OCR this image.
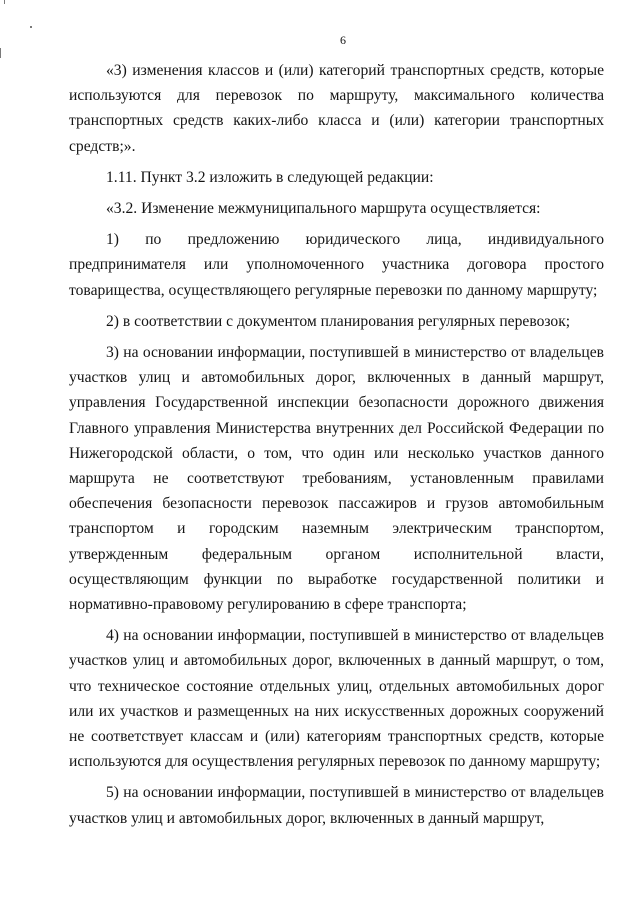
6

«3) изменения классов и (или) категорий транспортных средств, которые используются для перевозок по маршруту, максимального количества транспортных средств каких-либо класса и (или) категории транспортных средств;».

1.11. Пункт 3.2 изложить в следующей редакции:

«3.2. Изменение межмуниципального маршрута осуществляется:

1) по предложению юридического лица, индивидуального предпринимателя или уполномоченного участника договора простого товарищества, осуществляющего регулярные перевозки по данному маршруту;

2) в соответствии с документом планирования регулярных перевозок;

3) на основании информации, поступившей в министерство от владельцев участков улиц и автомобильных дорог, включенных в данный маршрут, управления Государственной инспекции безопасности дорожного движения Главного управления Министерства внутренних дел Российской Федерации по Нижегородской области, о том, что один или несколько участков данного маршрута не соответствуют требованиям, установленным правилами обеспечения безопасности перевозок пассажиров и грузов автомобильным транспортом и городским наземным электрическим транспортом, утвержденным федеральным органом исполнительной власти, осуществляющим функции по выработке государственной политики и нормативно-правовому регулированию в сфере транспорта;

4) на основании информации, поступившей в министерство от владельцев участков улиц и автомобильных дорог, включенных в данный маршрут, о том, что техническое состояние отдельных улиц, отдельных автомобильных дорог или их участков и размещенных на них искусственных дорожных сооружений не соответствует классам и (или) категориям транспортных средств, которые используются для осуществления регулярных перевозок по данному маршруту;

5) на основании информации, поступившей в министерство от владельцев участков улиц и автомобильных дорог, включенных в данный маршрут,
